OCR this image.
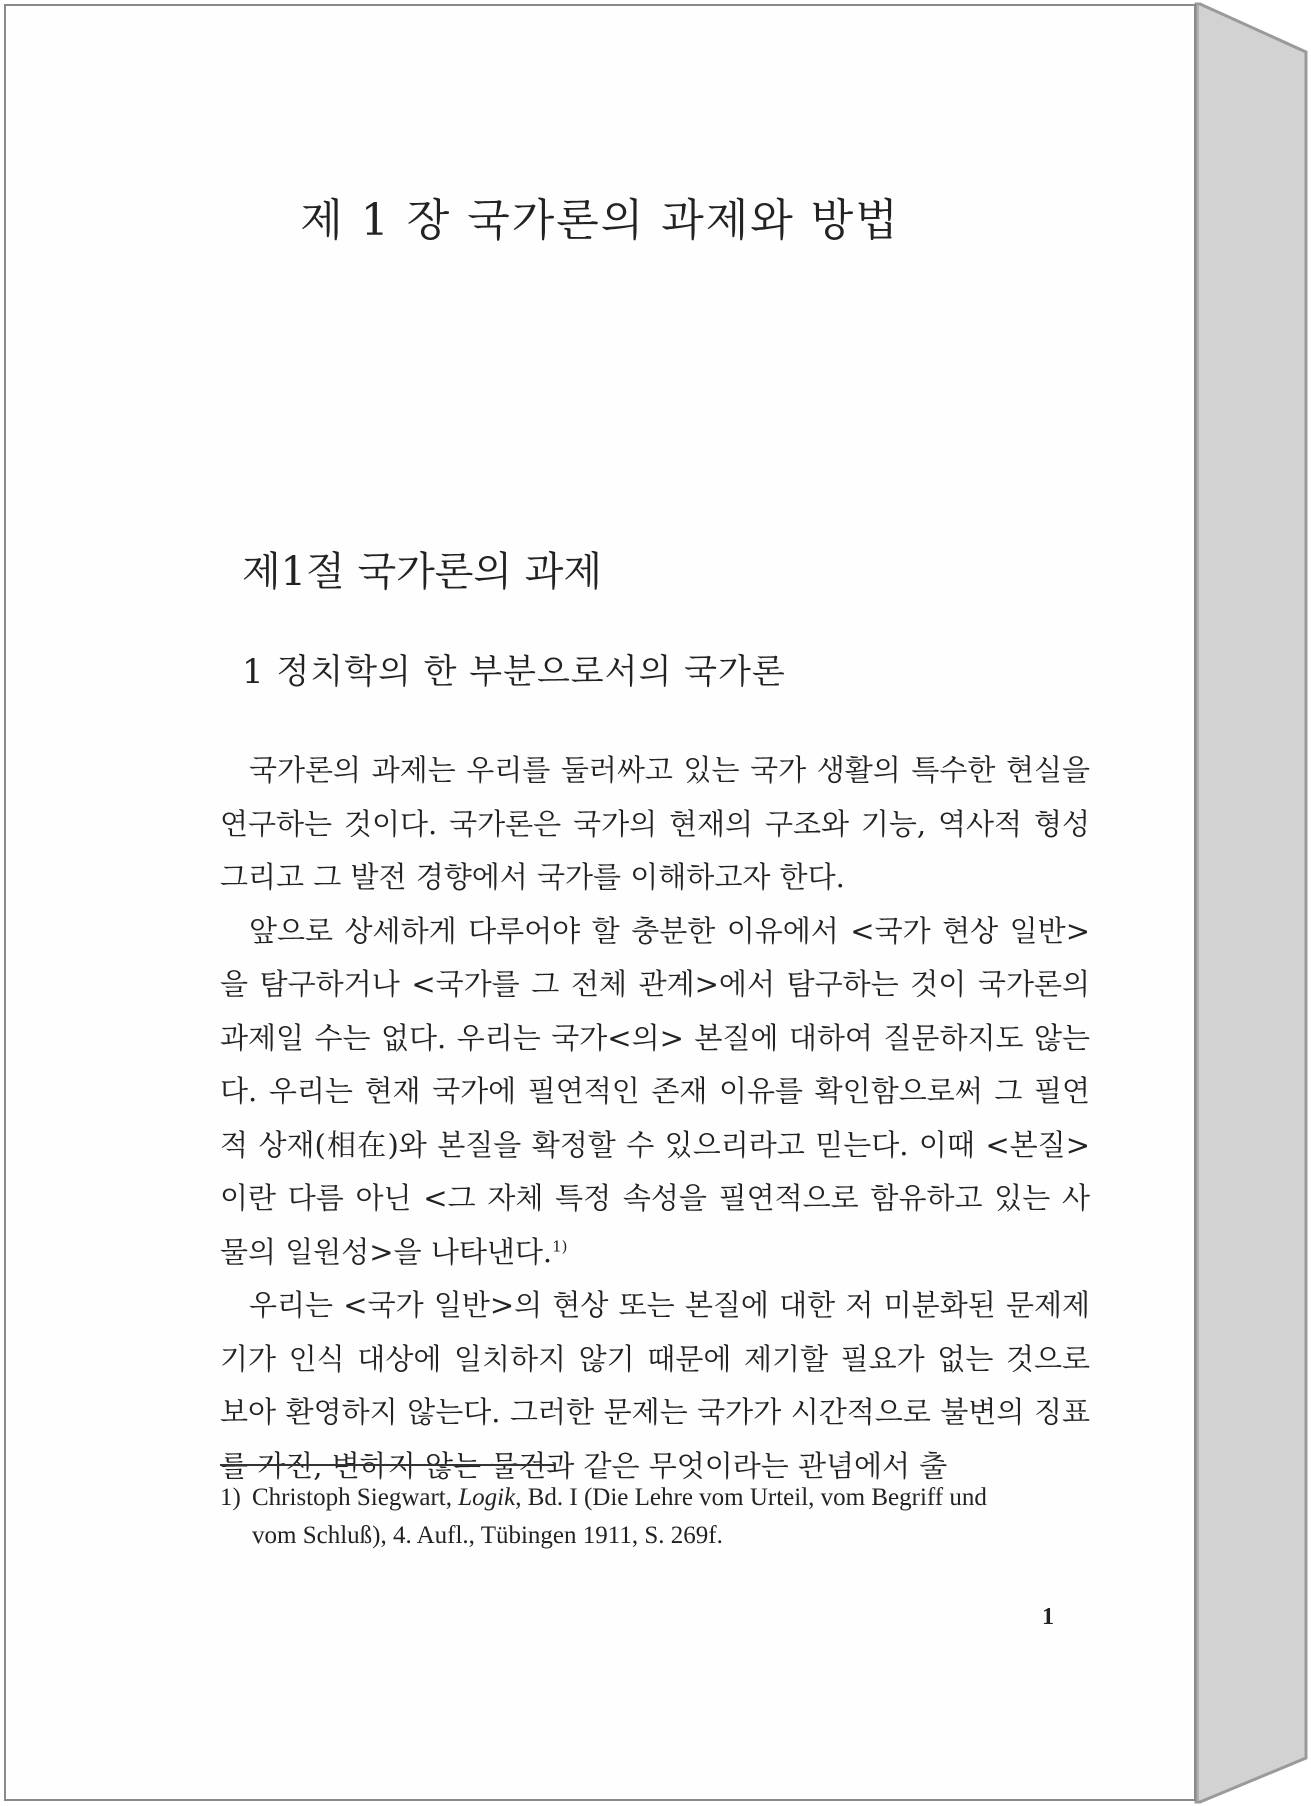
제 1 장 국가론의 과제와 방법
제1절 국가론의 과제
1 정치학의 한 부분으로서의 국가론

국가론의 과제는 우리를 둘러싸고 있는 국가 생활의 특수한 현실을 연구하는 것이다. 국가론은 국가의 현재의 구조와 기능, 역사적 형성 그리고 그 발전 경향에서 국가를 이해하고자 한다.

앞으로 상세하게 다루어야 할 충분한 이유에서 <국가 현상 일반>을 탐구하거나 <국가를 그 전체 관계>에서 탐구하는 것이 국가론의 과제일 수는 없다. 우리는 국가<의> 본질에 대하여 질문하지도 않는다. 우리는 현재 국가에 필연적인 존재 이유를 확인함으로써 그 필연적 상재(相在)와 본질을 확정할 수 있으리라고 믿는다. 이때 <본질>이란 다름 아닌 <그 자체 특정 속성을 필연적으로 함유하고 있는 사물의 일원성>을 나타낸다.$^{1)}$

우리는 <국가 일반>의 현상 또는 본질에 대한 저 미분화된 문제제기가 인식 대상에 일치하지 않기 때문에 제기할 필요가 없는 것으로 보아 환영하지 않는다. 그러한 문제는 국가가 시간적으로 불변의 징표를 가진, 변하지 않는 물건과 같은 무엇이라는 관념에서 출

1) Christoph Siegwart, Logik, Bd. I (Die Lehre vom Urteil, vom Begriff und
vom Schluß), 4. Aufl., Tübingen 1911, S. 269f.
1
